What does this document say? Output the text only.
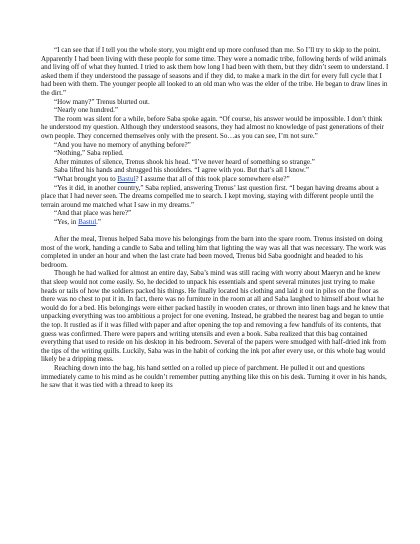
“I can see that if I tell you the whole story, you might end up more confused than me. So I’ll try to skip to the point. Apparently I had been living with these people for some time. They were a nomadic tribe, following herds of wild animals and living off of what they hunted. I tried to ask them how long I had been with them, but they didn’t seem to understand. I asked them if they understood the passage of seasons and if they did, to make a mark in the dirt for every full cycle that I had been with them. The younger people all looked to an old man who was the elder of the tribe. He began to draw lines in the dirt.”

“How many?” Trenus blurted out.

“Nearly one hundred.”

The room was silent for a while, before Saba spoke again. “Of course, his answer would be impossible. I don’t think he understood my question. Although they understood seasons, they had almost no knowledge of past generations of their own people. They concerned themselves only with the present. So…as you can see, I’m not sure.”

“And you have no memory of anything before?”

“Nothing,” Saba replied.

After minutes of silence, Trenus shook his head. “I’ve never heard of something so strange.”

Saba lifted his hands and shrugged his shoulders. “I agree with you. But that’s all I know.”

“What brought you to Bastul? I assume that all of this took place somewhere else?”

“Yes it did, in another country,” Saba replied, answering Trenus’ last question first. “I began having dreams about a place that I had never seen. The dreams compelled me to search. I kept moving, staying with different people until the terrain around me matched what I saw in my dreams.”

“And that place was here?”

“Yes, in Bastul.”

After the meal, Trenus helped Saba move his belongings from the barn into the spare room. Trenus insisted on doing most of the work, handing a candle to Saba and telling him that lighting the way was all that was necessary. The work was completed in under an hour and when the last crate had been moved, Trenus bid Saba goodnight and headed to his bedroom.

Though he had walked for almost an entire day, Saba’s mind was still racing with worry about Maeryn and he knew that sleep would not come easily. So, he decided to unpack his essentials and spent several minutes just trying to make heads or tails of how the soldiers packed his things. He finally located his clothing and laid it out in piles on the floor as there was no chest to put it in. In fact, there was no furniture in the room at all and Saba laughed to himself about what he would do for a bed. His belongings were either packed hastily in wooden crates, or thrown into linen bags and he knew that unpacking everything was too ambitious a project for one evening. Instead, he grabbed the nearest bag and began to untie the top. It rustled as if it was filled with paper and after opening the top and removing a few handfuls of its contents, that guess was confirmed. There were papers and writing utensils and even a book. Saba realized that this bag contained everything that used to reside on his desktop in his bedroom. Several of the papers were smudged with half-dried ink from the tips of the writing quills. Luckily, Saba was in the habit of corking the ink pot after every use, or this whole bag would likely be a dripping mess.

Reaching down into the bag, his hand settled on a rolled up piece of parchment. He pulled it out and questions immediately came to his mind as he couldn’t remember putting anything like this on his desk. Turning it over in his hands, he saw that it was tied with a thread to keep its
